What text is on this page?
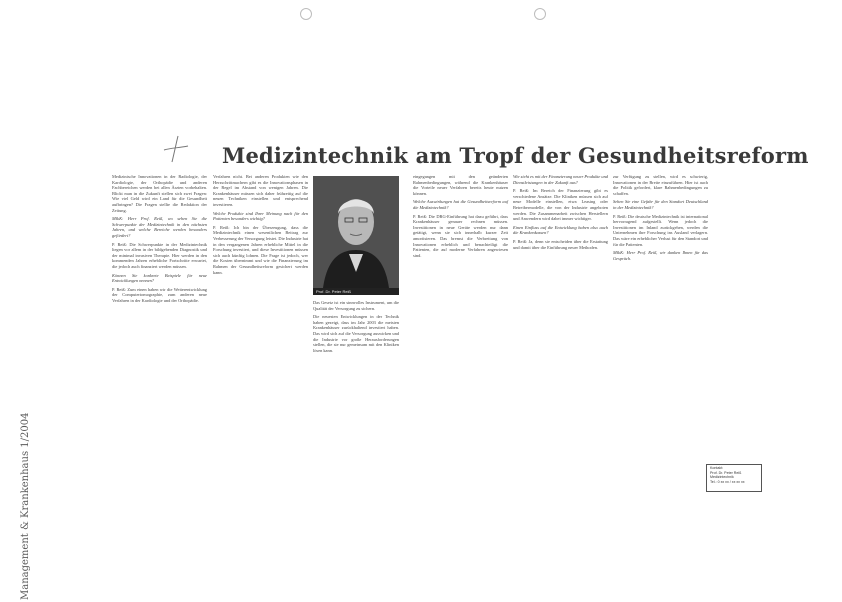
Medizintechnik am Tropf der Gesundheitsreform
Management & Krankenhaus 1/2004

Medizinische Innovationen in der Radiologie, der Kardiologie, der Orthopädie und anderen Fachbereichen werden bei allen Ärzten vorbehalten. Blickt man in die Zukunft stellen sich zwei Fragen: Wie viel Geld wird ein Land für die Gesundheit aufbringen? Die Fragen stellte die Redaktion der Zeitung.

M&K: Herr Prof. Reiß, wo sehen Sie die Schwerpunkte der Medizintechnik in den nächsten Jahren, und welche Bereiche werden besonders gefördert?

P. Reiß: Die Schwerpunkte in der Medizintechnik liegen vor allem in der bildgebenden Diagnostik und der minimal invasiven Therapie. Hier werden in den kommenden Jahren erhebliche Fortschritte erwartet, die jedoch auch finanziert werden müssen.

Können Sie konkrete Beispiele für neue Entwicklungen nennen?

P. Reiß: Zum einen haben wir die Weiterentwicklung der Computertomographie, zum anderen neue Verfahren in der Kardiologie und der Orthopädie.

Verfahren nicht. Bei anderen Produkten wie den Herzschrittmachern gibt es die Innovationsphasen in der Regel im Abstand von wenigen Jahren. Die Krankenhäuser müssen sich daher frühzeitig auf die neuen Techniken einstellen und entsprechend investieren.

Welche Produkte sind Ihrer Meinung nach für den Patienten besonders wichtig?

P. Reiß: Ich bin der Überzeugung, dass die Medizintechnik einen wesentlichen Beitrag zur Verbesserung der Versorgung leistet. Die Industrie hat in den vergangenen Jahren erhebliche Mittel in die Forschung investiert, und diese Investitionen müssen sich auch künftig lohnen. Die Frage ist jedoch, wer die Kosten übernimmt und wie die Finanzierung im Rahmen der Gesundheitsreform gesichert werden kann.

Das Gesetz ist ein sinnvolles Instrument, um die Qualität der Versorgung zu sichern.

Die neuesten Entwicklungen in der Technik haben gezeigt, dass im Jahr 2003 die meisten Krankenhäuser zurückhaltend investiert haben. Das wird sich auf die Versorgung auswirken und die Industrie vor große Herausforderungen stellen, die sie nur gemeinsam mit den Kliniken lösen kann.

eingegangen mit den geänderten Rahmenbedingungen, während die Krankenhäuser die Vorteile neuer Verfahren bereits heute nutzen können.

Welche Auswirkungen hat die Gesundheitsreform auf die Medizintechnik?

P. Reiß: Die DRG-Einführung hat dazu geführt, dass Krankenhäuser genauer rechnen müssen. Investitionen in neue Geräte werden nur dann getätigt, wenn sie sich innerhalb kurzer Zeit amortisieren. Das bremst die Verbreitung von Innovationen erheblich und benachteiligt die Patienten, die auf moderne Verfahren angewiesen sind.

Wie sieht es mit der Finanzierung neuer Produkte und Dienstleistungen in der Zukunft aus?

P. Reiß: Im Bereich der Finanzierung gibt es verschiedene Ansätze. Die Kliniken müssen sich auf neue Modelle einstellen, etwa Leasing oder Betreibermodelle, die von der Industrie angeboten werden. Die Zusammenarbeit zwischen Herstellern und Anwendern wird dabei immer wichtiger.

Einen Einfluss auf die Entwicklung haben also auch die Krankenkassen?

P. Reiß: Ja, denn sie entscheiden über die Erstattung und damit über die Einführung neuer Methoden.

zur Verfügung zu stellen, wird es schwierig, Innovationen in der Breite einzuführen. Hier ist auch die Politik gefordert, klare Rahmenbedingungen zu schaffen.

Sehen Sie eine Gefahr für den Standort Deutschland in der Medizintechnik?

P. Reiß: Die deutsche Medizintechnik ist international hervorragend aufgestellt. Wenn jedoch die Investitionen im Inland zurückgehen, werden die Unternehmen ihre Forschung ins Ausland verlagern. Das wäre ein erheblicher Verlust für den Standort und für die Patienten.

M&K: Herr Prof. Reiß, wir danken Ihnen für das Gespräch.

Prof. Dr. Peter Reiß
Kontakt:
Prof. Dr. Peter Reiß
Medizintechnik
Tel.: 0 xx xx / xx xx xx
